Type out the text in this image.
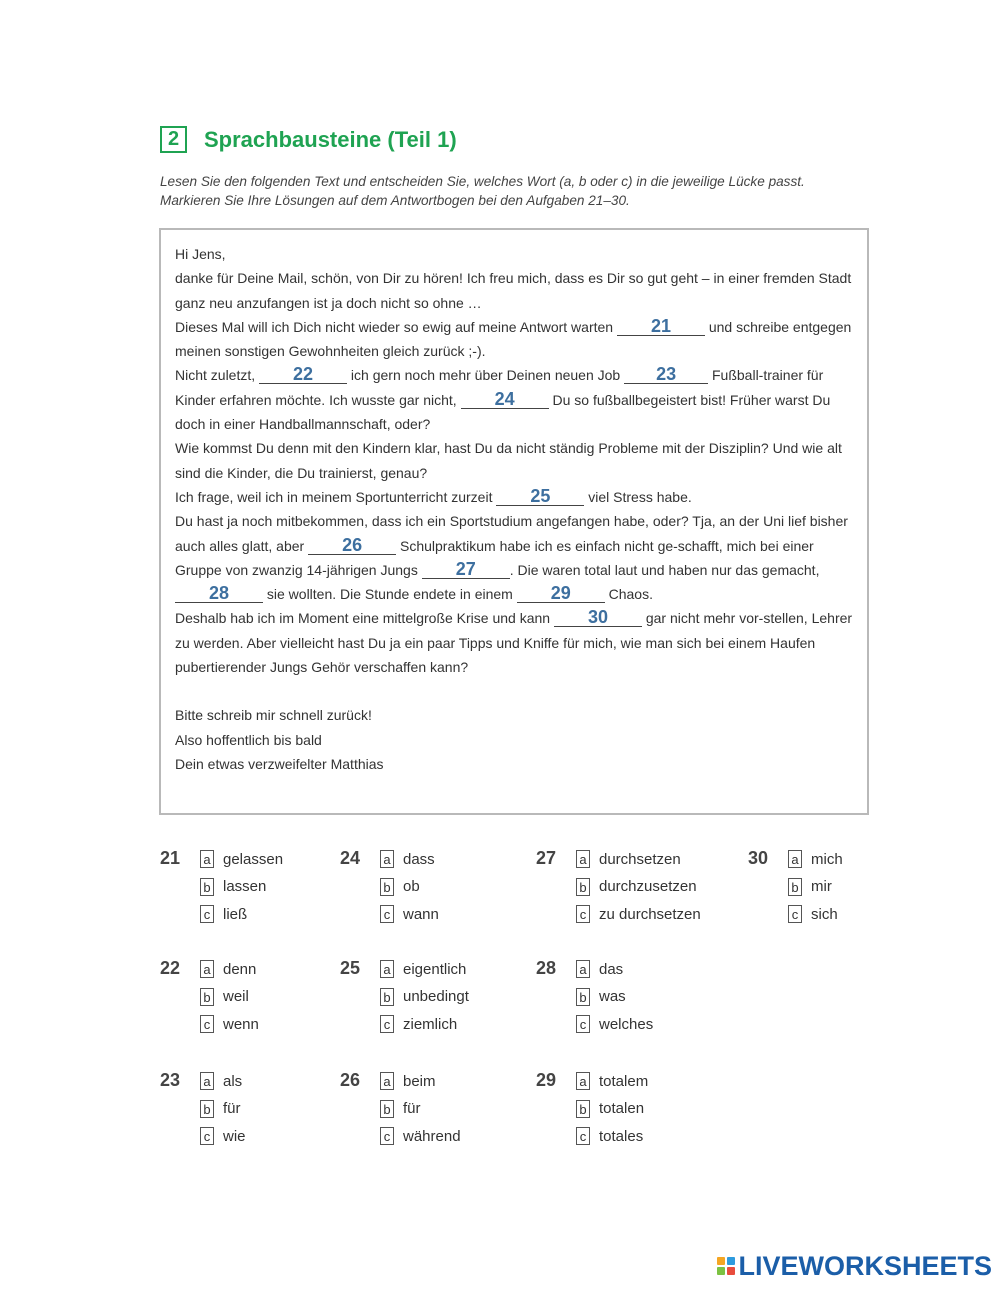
2	Sprachbausteine (Teil 1)
Lesen Sie den folgenden Text und entscheiden Sie, welches Wort (a, b oder c) in die jeweilige Lücke passt. Markieren Sie Ihre Lösungen auf dem Antwortbogen bei den Aufgaben 21–30.

Hi Jens,

danke für Deine Mail, schön, von Dir zu hören! Ich freu mich, dass es Dir so gut geht – in einer fremden Stadt ganz neu anzufangen ist ja doch nicht so ohne …

Dieses Mal will ich Dich nicht wieder so ewig auf meine Antwort warten 21	und schreibe entgegen meinen sonstigen Gewohnheiten gleich zurück ;-).

Nicht zuletzt, 22	ich gern noch mehr über Deinen neuen Job 23	Fußball-trainer für Kinder erfahren möchte. Ich wusste gar nicht, 24	Du so fußballbegeistert bist! Früher warst Du doch in einer Handballmannschaft, oder?

Wie kommst Du denn mit den Kindern klar, hast Du da nicht ständig Probleme mit der Disziplin? Und wie alt sind die Kinder, die Du trainierst, genau?

Ich frage, weil ich in meinem Sportunterricht zurzeit 25	viel Stress habe.

Du hast ja noch mitbekommen, dass ich ein Sportstudium angefangen habe, oder? Tja, an der Uni lief bisher auch alles glatt, aber 26	Schulpraktikum habe ich es einfach nicht ge-schafft, mich bei einer Gruppe von zwanzig 14-jährigen Jungs 27 . Die waren total laut und haben nur das gemacht, 28	sie wollten. Die Stunde endete in einem 29	Chaos.

Deshalb hab ich im Moment eine mittelgroße Krise und kann 30	gar nicht mehr vor-stellen, Lehrer zu werden. Aber vielleicht hast Du ja ein paar Tipps und Kniffe für mich, wie man sich bei einem Haufen pubertierender Jungs Gehör verschaffen kann?

Bitte schreib mir schnell zurück!

Also hoffentlich bis bald

Dein etwas verzweifelter Matthias

21 a gelassen
b lassen
c ließ
22 a denn
b weil
c wenn
23 a als
b für
c wie
24 a dass
b ob
c wann
25 a eigentlich
b unbedingt
c ziemlich
26 a beim
b für
c während
27 a durchsetzen
b durchzusetzen
c zu durchsetzen
28 a das
b was
c welches
29 a totalem
b totalen
c totales
30 a mich
b mir
c sich
LIVEWORKSHEETS
